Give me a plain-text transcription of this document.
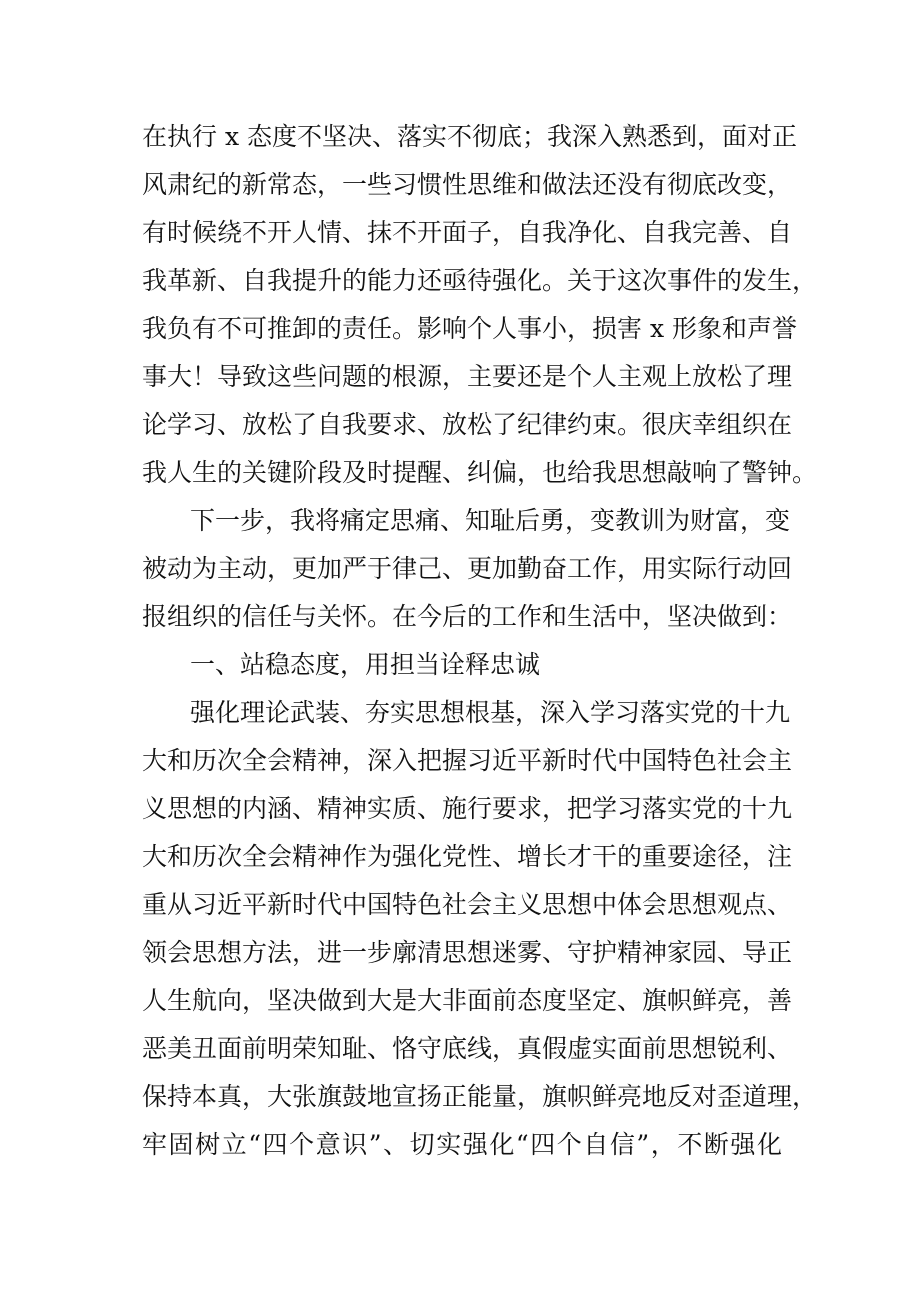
在执行 x 态度不坚决、落实不彻底；我深入熟悉到，面对正
风肃纪的新常态，一些习惯性思维和做法还没有彻底改变，
有时候绕不开人情、抹不开面子，自我净化、自我完善、自
我革新、自我提升的能力还亟待强化。关于这次事件的发生，
我负有不可推卸的责任。影响个人事小，损害 x 形象和声誉
事大！导致这些问题的根源，主要还是个人主观上放松了理
论学习、放松了自我要求、放松了纪律约束。很庆幸组织在
我人生的关键阶段及时提醒、纠偏，也给我思想敲响了警钟。
下一步，我将痛定思痛、知耻后勇，变教训为财富，变
被动为主动，更加严于律己、更加勤奋工作，用实际行动回
报组织的信任与关怀。在今后的工作和生活中，坚决做到：
一、站稳态度，用担当诠释忠诚
强化理论武装、夯实思想根基，深入学习落实党的十九
大和历次全会精神，深入把握习近平新时代中国特色社会主
义思想的内涵、精神实质、施行要求，把学习落实党的十九
大和历次全会精神作为强化党性、增长才干的重要途径，注
重从习近平新时代中国特色社会主义思想中体会思想观点、
领会思想方法，进一步廓清思想迷雾、守护精神家园、导正
人生航向，坚决做到大是大非面前态度坚定、旗帜鲜亮，善
恶美丑面前明荣知耻、恪守底线，真假虚实面前思想锐利、
保持本真，大张旗鼓地宣扬正能量，旗帜鲜亮地反对歪道理，
牢固树立“四个意识”、切实强化“四个自信”，不断强化
